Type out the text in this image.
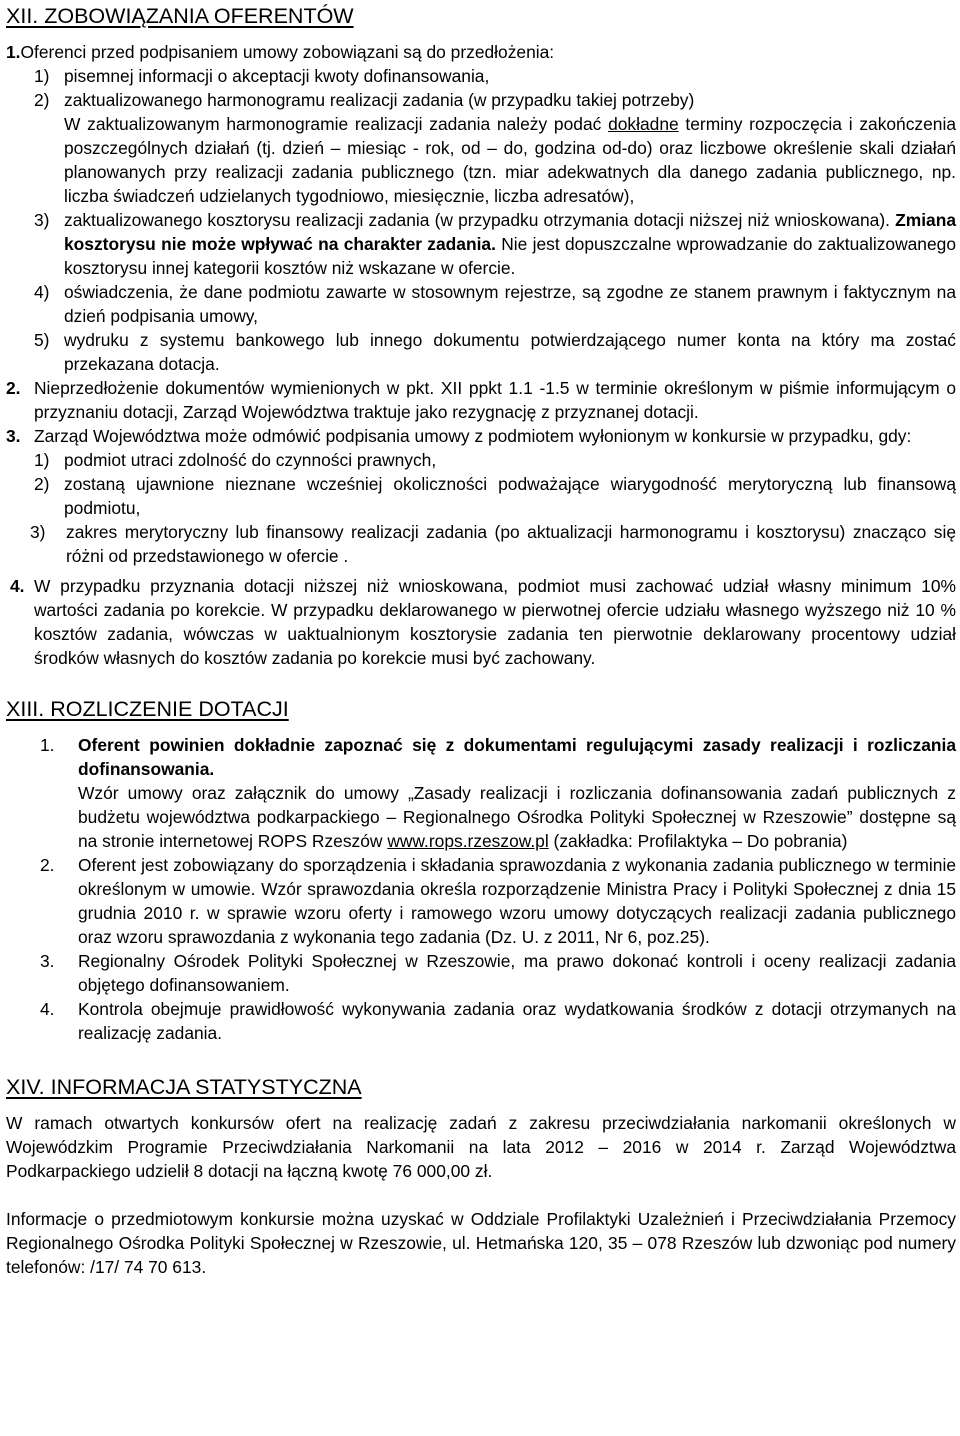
XII. ZOBOWIĄZANIA OFERENTÓW
1. Oferenci przed podpisaniem umowy zobowiązani są do przedłożenia:
1) pisemnej informacji o akceptacji kwoty dofinansowania,
2) zaktualizowanego harmonogramu realizacji zadania (w przypadku takiej potrzeby)

W zaktualizowanym harmonogramie realizacji zadania należy podać dokładne terminy rozpoczęcia i zakończenia poszczególnych działań (tj. dzień – miesiąc - rok, od – do, godzina od-do) oraz liczbowe określenie skali działań planowanych przy realizacji zadania publicznego (tzn. miar adekwatnych dla danego zadania publicznego, np. liczba świadczeń udzielanych tygodniowo, miesięcznie, liczba adresatów),

3) zaktualizowanego kosztorysu realizacji zadania (w przypadku otrzymania dotacji niższej niż wnioskowana). Zmiana kosztorysu nie może wpływać na charakter zadania. Nie jest dopuszczalne wprowadzanie do zaktualizowanego kosztorysu innej kategorii kosztów niż wskazane w ofercie.
4) oświadczenia, że dane podmiotu zawarte w stosownym rejestrze, są zgodne ze stanem prawnym i faktycznym na dzień podpisania umowy,
5) wydruku z systemu bankowego lub innego dokumentu potwierdzającego numer konta na który ma zostać przekazana dotacja.
2. Nieprzedłożenie dokumentów wymienionych w pkt. XII ppkt 1.1 -1.5 w terminie określonym w piśmie informującym o przyznaniu dotacji, Zarząd Województwa traktuje jako rezygnację z przyznanej dotacji.
3. Zarząd Województwa może odmówić podpisania umowy z podmiotem wyłonionym w konkursie w przypadku, gdy:
1) podmiot utraci zdolność do czynności prawnych,
2) zostaną ujawnione nieznane wcześniej okoliczności podważające wiarygodność merytoryczną lub finansową podmiotu,
3)	zakres merytoryczny lub finansowy realizacji zadania (po aktualizacji harmonogramu i kosztorysu) znacząco się różni od przedstawionego w ofercie .
4. W przypadku przyznania dotacji niższej niż wnioskowana, podmiot musi zachować udział własny minimum 10% wartości zadania po korekcie. W przypadku deklarowanego w pierwotnej ofercie udziału własnego wyższego niż 10 % kosztów zadania, wówczas w uaktualnionym kosztorysie zadania ten pierwotnie deklarowany procentowy udział środków własnych do kosztów zadania po korekcie musi być zachowany.
XIII. ROZLICZENIE DOTACJI
1.	Oferent powinien dokładnie zapoznać się z dokumentami regulującymi zasady realizacji i rozliczania dofinansowania.
Wzór umowy oraz załącznik do umowy „Zasady realizacji i rozliczania dofinansowania zadań publicznych z budżetu województwa podkarpackiego – Regionalnego Ośrodka Polityki Społecznej w Rzeszowie” dostępne są na stronie internetowej ROPS Rzeszów www.rops.rzeszow.pl (zakładka: Profilaktyka – Do pobrania)
2.	Oferent jest zobowiązany do sporządzenia i składania sprawozdania z wykonania zadania publicznego w terminie określonym w umowie. Wzór sprawozdania określa rozporządzenie Ministra Pracy i Polityki Społecznej z dnia 15 grudnia 2010 r. w sprawie wzoru oferty i ramowego wzoru umowy dotyczących realizacji zadania publicznego oraz wzoru sprawozdania z wykonania tego zadania (Dz. U. z 2011, Nr 6, poz.25).
3.	Regionalny Ośrodek Polityki Społecznej w Rzeszowie, ma prawo dokonać kontroli i oceny realizacji zadania objętego dofinansowaniem.
4.	Kontrola obejmuje prawidłowość wykonywania zadania oraz wydatkowania środków z dotacji otrzymanych na realizację zadania.
XIV. INFORMACJA STATYSTYCZNA

W ramach otwartych konkursów ofert na realizację zadań z zakresu przeciwdziałania narkomanii określonych w Wojewódzkim Programie Przeciwdziałania Narkomanii na lata 2012 – 2016 w 2014 r. Zarząd Województwa Podkarpackiego udzielił 8 dotacji na łączną kwotę 76 000,00 zł.

Informacje o przedmiotowym konkursie można uzyskać w Oddziale Profilaktyki Uzależnień i Przeciwdziałania Przemocy Regionalnego Ośrodka Polityki Społecznej w Rzeszowie, ul. Hetmańska 120, 35 – 078 Rzeszów lub dzwoniąc pod numery telefonów: /17/ 74 70 613.
